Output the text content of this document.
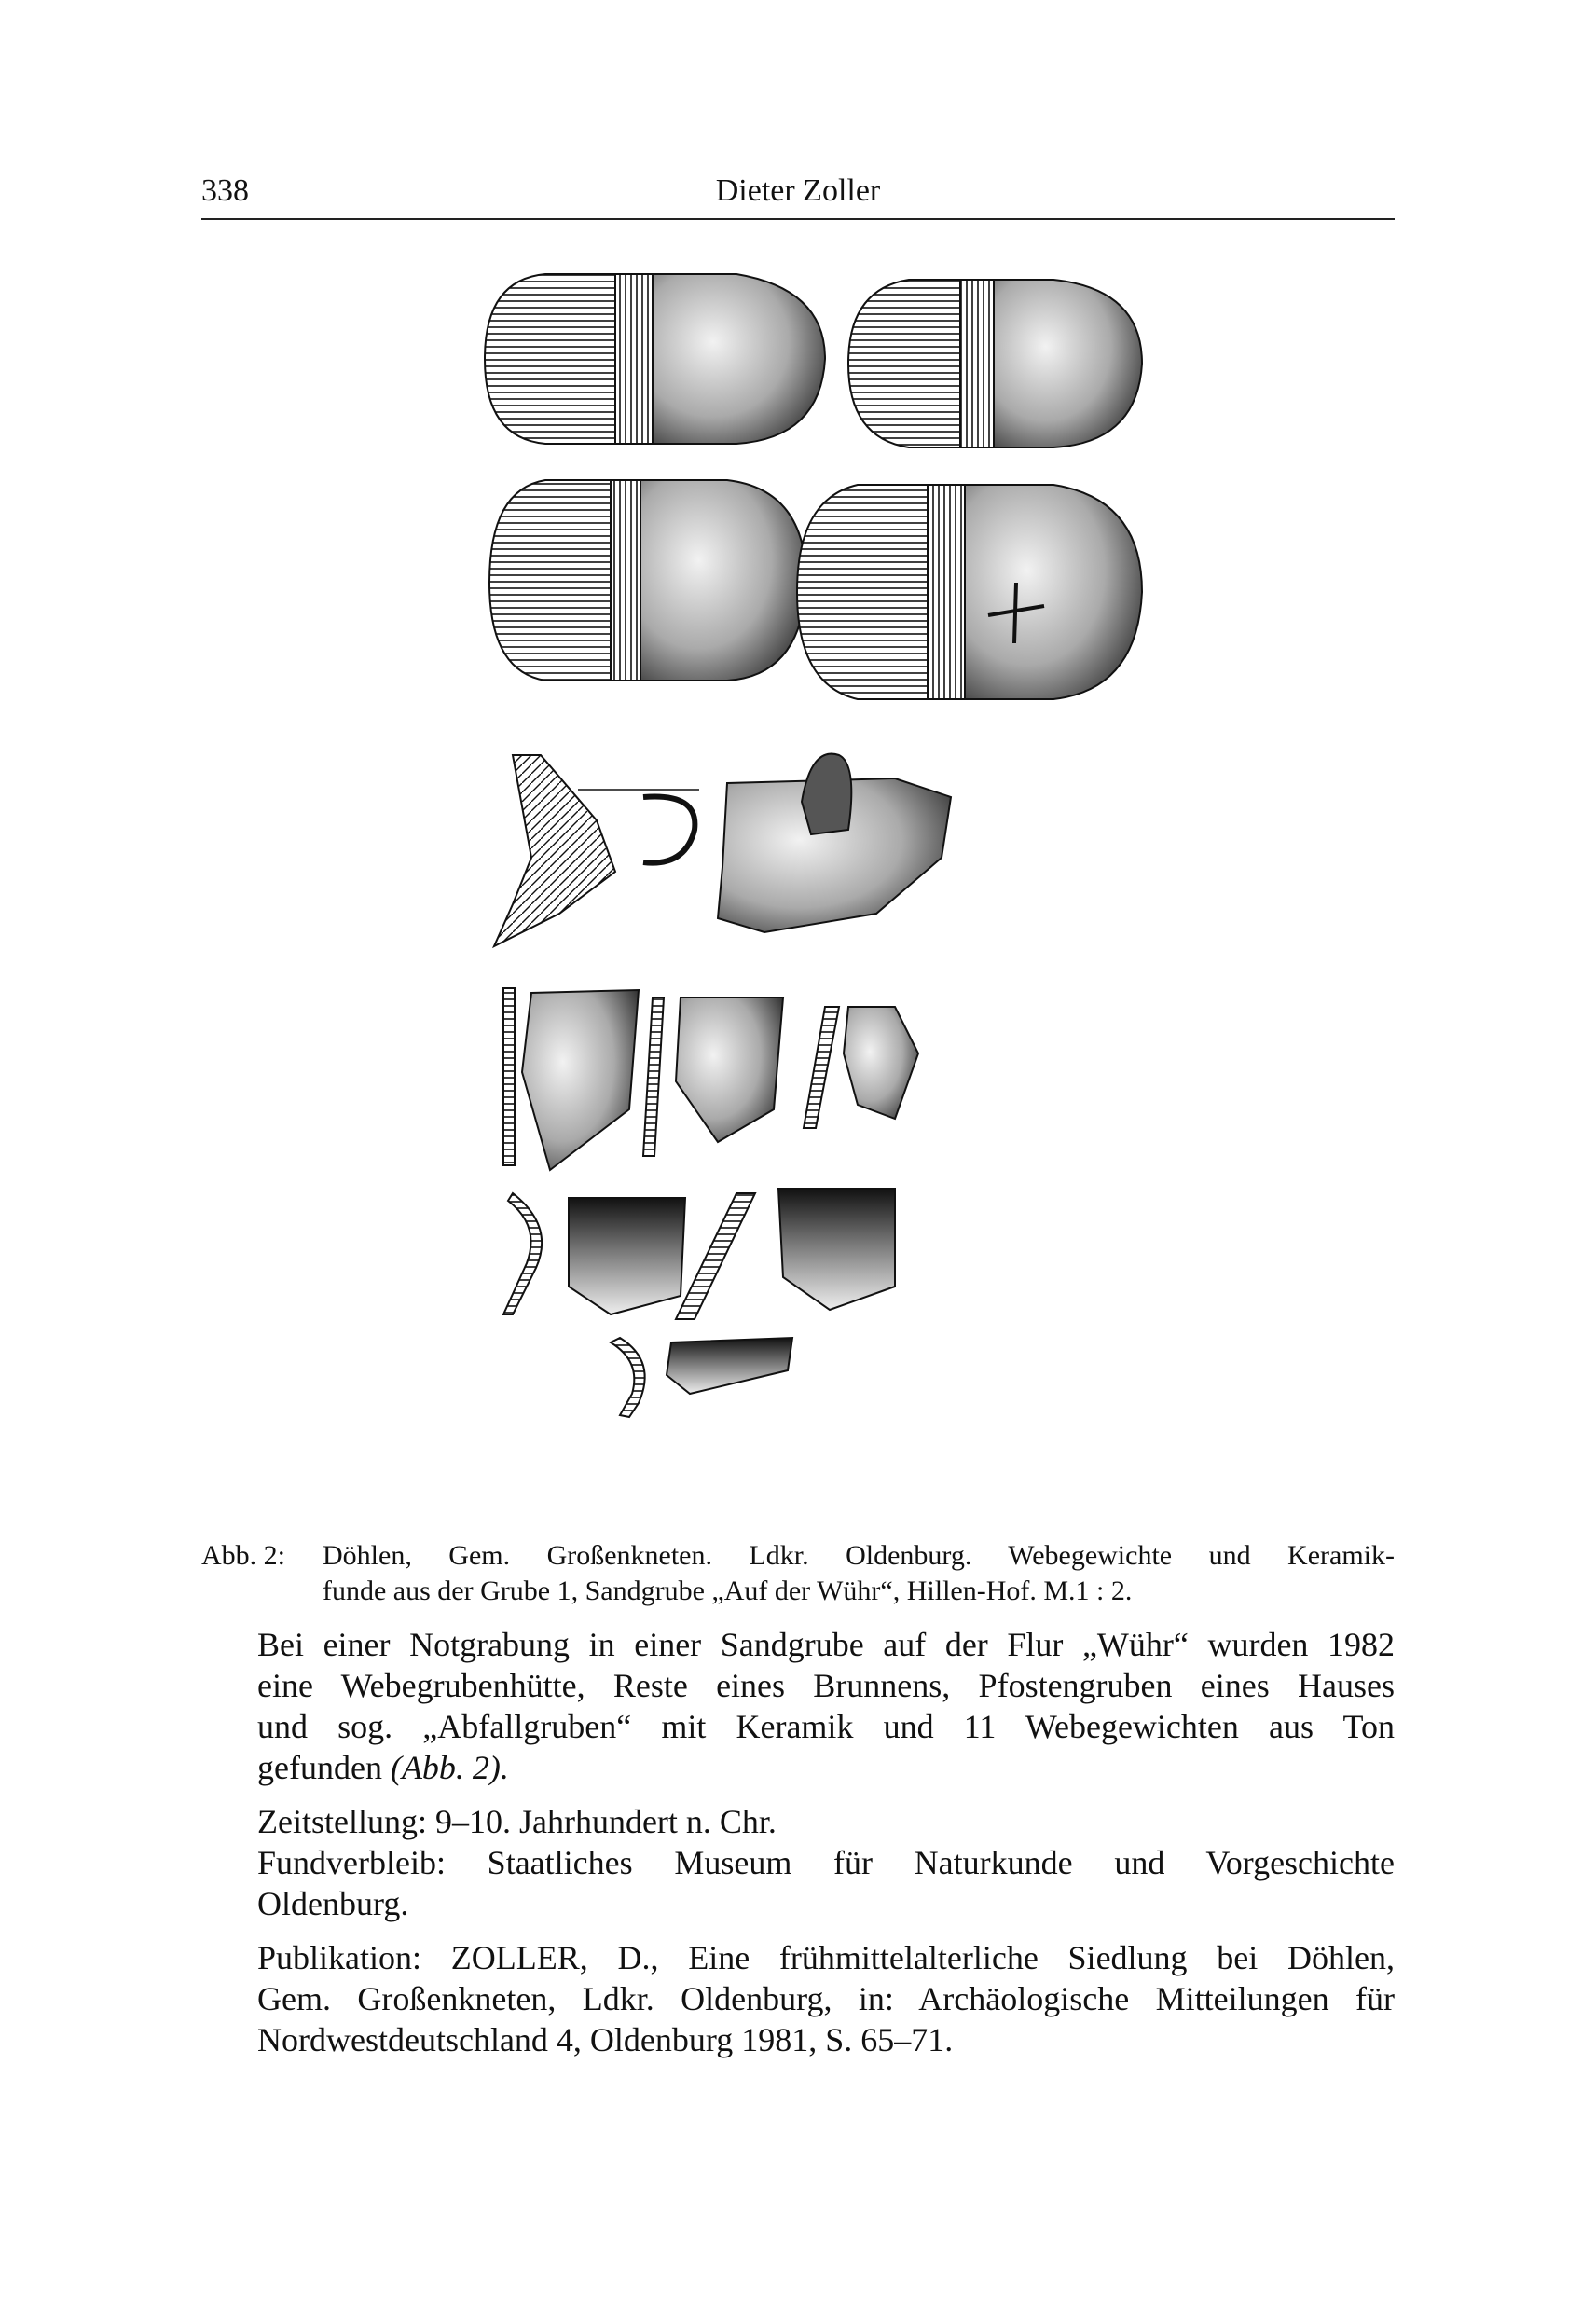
338	Dieter Zoller
Abb. 2: Döhlen, Gem. Großenkneten. Ldkr. Oldenburg. Webegewichte und Keramik-
funde aus der Grube 1, Sandgrube „Auf der Wühr“, Hillen-Hof. M.1 : 2.
Bei einer Notgrabung in einer Sandgrube auf der Flur „Wühr“ wurden 1982
eine Webegrubenhütte, Reste eines Brunnens, Pfostengruben eines Hauses
und sog. „Abfallgruben“ mit Keramik und 11 Webegewichten aus Ton
gefunden (Abb. 2).
Zeitstellung: 9–10. Jahrhundert n. Chr.
Fundverbleib: Staatliches Museum für Naturkunde und Vorgeschichte
Oldenburg.
Publikation: ZOLLER, D., Eine frühmittelalterliche Siedlung bei Döhlen,
Gem. Großenkneten, Ldkr. Oldenburg, in: Archäologische Mitteilungen für
Nordwestdeutschland 4, Oldenburg 1981, S. 65–71.
